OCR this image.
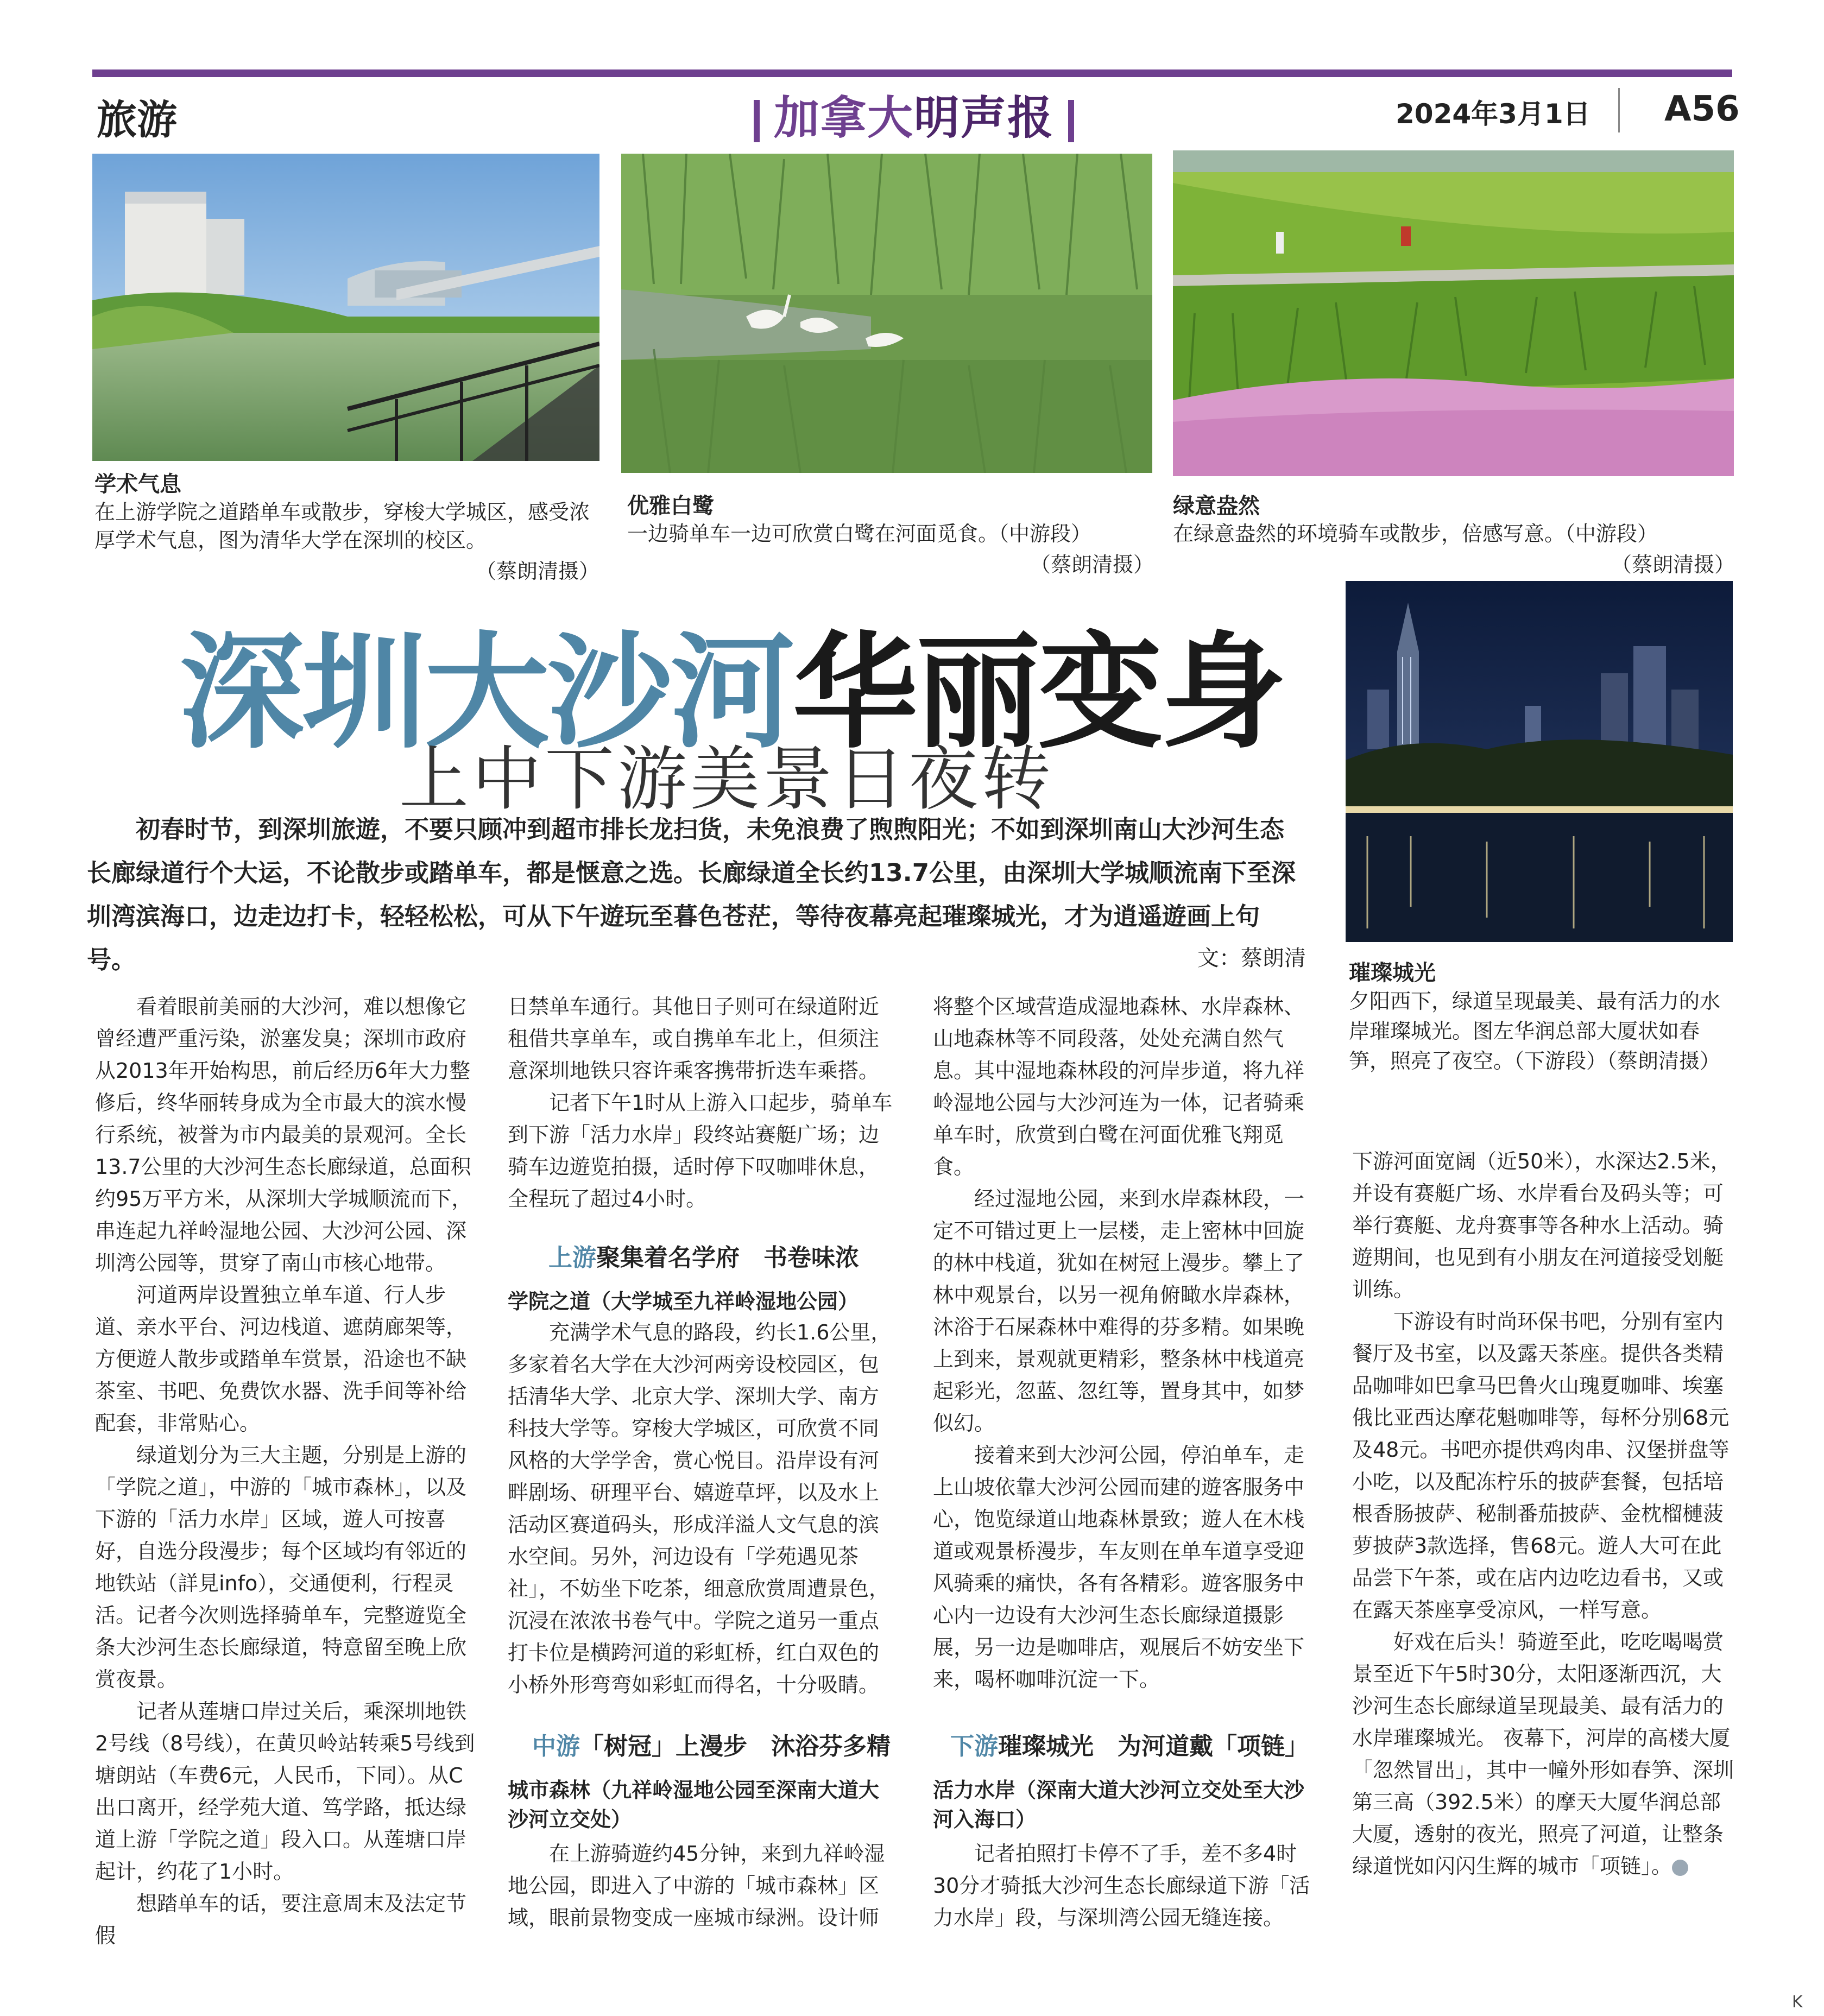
旅游	加拿大明声报	2024年3月1日 A56
学术气息
在上游学院之道踏单车或散步，穿梭大学城区，感受浓厚学术气息，图为清华大学在深圳的校区。
（蔡朗清摄）
优雅白鹭
一边骑单车一边可欣赏白鹭在河面觅食。（中游段）
（蔡朗清摄）
绿意盎然
在绿意盎然的环境骑车或散步，倍感写意。（中游段）
（蔡朗清摄）
璀璨城光
夕阳西下，绿道呈现最美、最有活力的水岸璀璨城光。图左华润总部大厦状如春笋，照亮了夜空。（下游段）（蔡朗清摄）
深圳大沙河华丽变身
上中下游美景日夜转
初春时节，到深圳旅遊，不要只顾冲到超市排长龙扫货，未免浪费了煦煦阳光；不如到深圳南山大沙河生态长廊绿道行个大运，不论散步或踏单车，都是惬意之选。长廊绿道全长约13.7公里，由深圳大学城顺流南下至深圳湾滨海口，边走边打卡，轻轻松松，可从下午遊玩至暮色苍茫，等待夜幕亮起璀璨城光，才为逍遥遊画上句号。	文：蔡朗清

看着眼前美丽的大沙河，难以想像它曾经遭严重污染，淤塞发臭；深圳市政府从2013年开始构思，前后经历6年大力整修后，终华丽转身成为全市最大的滨水慢行系统，被誉为市内最美的景观河。全长13.7公里的大沙河生态长廊绿道，总面积约95万平方米，从深圳大学城顺流而下，串连起九祥岭湿地公园、大沙河公园、深圳湾公园等，贯穿了南山市核心地带。

河道两岸设置独立单车道、行人步道、亲水平台、河边栈道、遮荫廊架等，方便遊人散步或踏单车赏景，沿途也不缺茶室、书吧、免费饮水器、洗手间等补给配套，非常贴心。

绿道划分为三大主题，分别是上游的「学院之道」，中游的「城市森林」，以及下游的「活力水岸」区域，遊人可按喜好，自选分段漫步；每个区域均有邻近的地铁站（詳見info），交通便利，行程灵活。记者今次则选择骑单车，完整遊览全条大沙河生态长廊绿道，特意留至晚上欣赏夜景。

记者从莲塘口岸过关后，乘深圳地铁2号线（8号线），在黄贝岭站转乘5号线到塘朗站（车费6元，人民币，下同）。从C出口离开，经学苑大道、笃学路，抵达绿道上游「学院之道」段入口。从莲塘口岸起计，约花了1小时。

想踏单车的话，要注意周末及法定节假

日禁单车通行。其他日子则可在绿道附近租借共享单车，或自携单车北上，但须注意深圳地铁只容许乘客携带折迭车乘搭。

记者下午1时从上游入口起步，骑单车到下游「活力水岸」段终站赛艇广场；边骑车边遊览拍摄，适时停下叹咖啡休息，全程玩了超过4小时。

上游聚集着名学府　书卷味浓
学院之道（大学城至九祥岭湿地公园）

充满学术气息的路段，约长1.6公里，多家着名大学在大沙河两旁设校园区，包括清华大学、北京大学、深圳大学、南方科技大学等。穿梭大学城区，可欣赏不同风格的大学学舍，赏心悦目。沿岸设有河畔剧场、研理平台、嬉遊草坪，以及水上活动区赛道码头，形成洋溢人文气息的滨水空间。另外，河边设有「学苑遇见茶社」，不妨坐下吃茶，细意欣赏周遭景色，沉浸在浓浓书卷气中。学院之道另一重点打卡位是横跨河道的彩虹桥，红白双色的小桥外形弯弯如彩虹而得名，十分吸睛。

中游「树冠」上漫步　沐浴芬多精
城市森林（九祥岭湿地公园至深南大道大沙河立交处）

在上游骑遊约45分钟，来到九祥岭湿地公园，即进入了中游的「城市森林」区域，眼前景物变成一座城市绿洲。设计师

将整个区域营造成湿地森林、水岸森林、山地森林等不同段落，处处充满自然气息。其中湿地森林段的河岸步道，将九祥岭湿地公园与大沙河连为一体，记者骑乘单车时，欣赏到白鹭在河面优雅飞翔觅食。

经过湿地公园，来到水岸森林段，一定不可错过更上一层楼，走上密林中回旋的林中栈道，犹如在树冠上漫步。攀上了林中观景台，以另一视角俯瞰水岸森林，沐浴于石屎森林中难得的芬多精。如果晚上到来，景观就更精彩，整条林中栈道亮起彩光，忽蓝、忽红等，置身其中，如梦似幻。

接着来到大沙河公园，停泊单车，走上山坡依靠大沙河公园而建的遊客服务中心，饱览绿道山地森林景致；遊人在木栈道或观景桥漫步，车友则在单车道享受迎风骑乘的痛快，各有各精彩。遊客服务中心内一边设有大沙河生态长廊绿道摄影展，另一边是咖啡店，观展后不妨安坐下来，喝杯咖啡沉淀一下。

下游璀璨城光　为河道戴「项链」
活力水岸（深南大道大沙河立交处至大沙河入海口）

记者拍照打卡停不了手，差不多4时30分才骑抵大沙河生态长廊绿道下游「活力水岸」段，与深圳湾公园无缝连接。

下游河面宽阔（近50米），水深达2.5米，并设有赛艇广场、水岸看台及码头等；可举行赛艇、龙舟赛事等各种水上活动。骑遊期间，也见到有小朋友在河道接受划艇训练。

下游设有时尚环保书吧，分别有室内餐厅及书室，以及露天茶座。提供各类精品咖啡如巴拿马巴鲁火山瑰夏咖啡、埃塞俄比亚西达摩花魁咖啡等，每杯分别68元及48元。书吧亦提供鸡肉串、汉堡拼盘等小吃，以及配冻柠乐的披萨套餐，包括培根香肠披萨、秘制番茄披萨、金枕榴槤菠萝披萨3款选择，售68元。遊人大可在此品尝下午茶，或在店内边吃边看书，又或在露天茶座享受凉风，一样写意。

好戏在后头！骑遊至此，吃吃喝喝赏景至近下午5时30分，太阳逐渐西沉，大沙河生态长廊绿道呈现最美、最有活力的水岸璀璨城光。 夜幕下，河岸的高楼大厦「忽然冒出」，其中一幢外形如春笋、深圳第三高（392.5米）的摩天大厦华润总部大厦，透射的夜光，照亮了河道，让整条绿道恍如闪闪生辉的城市「项链」。

K
